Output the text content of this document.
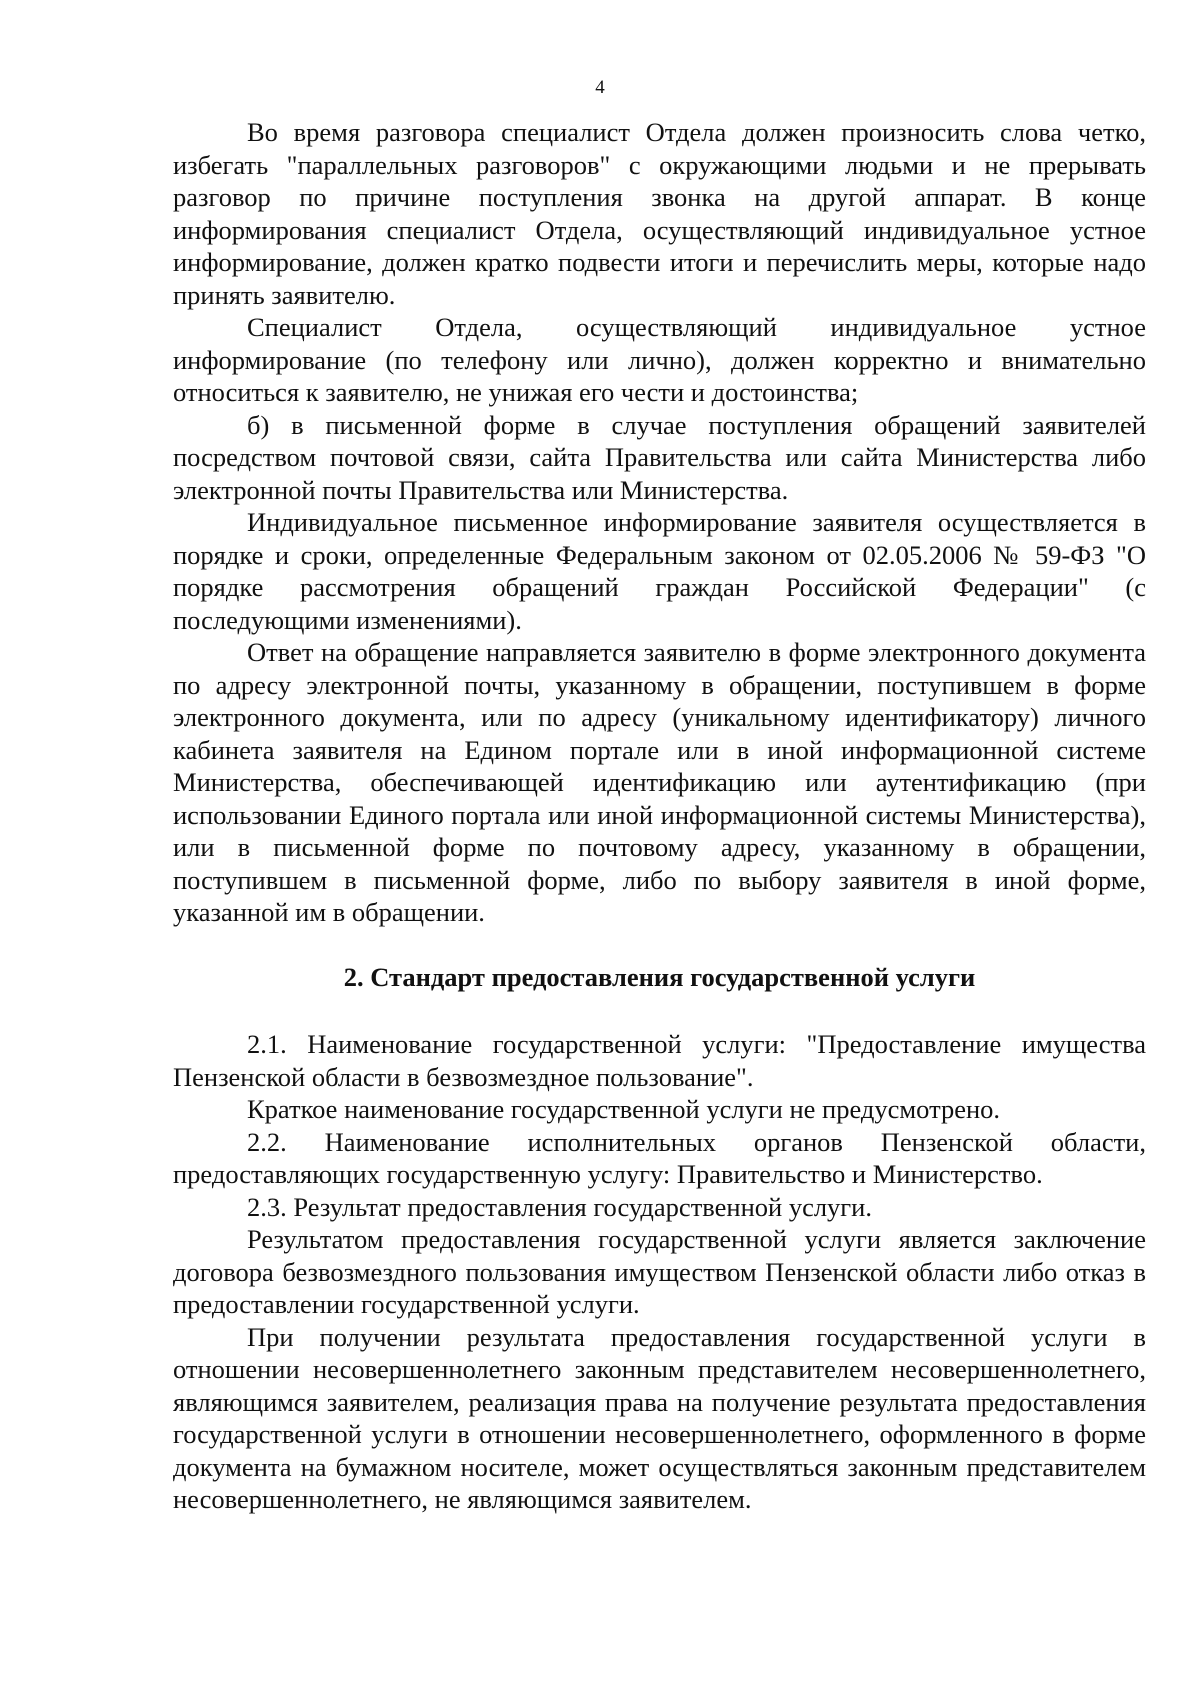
4

Во время разговора специалист Отдела должен произносить слова четко, избегать "параллельных разговоров" с окружающими людьми и не прерывать разговор по причине поступления звонка на другой аппарат. В конце информирования специалист Отдела, осуществляющий индивидуальное устное информирование, должен кратко подвести итоги и перечислить меры, которые надо принять заявителю.

Специалист Отдела, осуществляющий индивидуальное устное информирование (по телефону или лично), должен корректно и внимательно относиться к заявителю, не унижая его чести и достоинства;

б) в письменной форме в случае поступления обращений заявителей посредством почтовой связи, сайта Правительства или сайта Министерства либо электронной почты Правительства или Министерства.

Индивидуальное письменное информирование заявителя осуществляется в порядке и сроки, определенные Федеральным законом от 02.05.2006 № 59-ФЗ "О порядке рассмотрения обращений граждан Российской Федерации" (с последующими изменениями).

Ответ на обращение направляется заявителю в форме электронного документа по адресу электронной почты, указанному в обращении, поступившем в форме электронного документа, или по адресу (уникальному идентификатору) личного кабинета заявителя на Едином портале или в иной информационной системе Министерства, обеспечивающей идентификацию или аутентификацию (при использовании Единого портала или иной информационной системы Министерства), или в письменной форме по почтовому адресу, указанному в обращении, поступившем в письменной форме, либо по выбору заявителя в иной форме, указанной им в обращении.

2. Стандарт предоставления государственной услуги

2.1. Наименование государственной услуги: "Предоставление имущества Пензенской области в безвозмездное пользование".

Краткое наименование государственной услуги не предусмотрено.

2.2. Наименование исполнительных органов Пензенской области, предоставляющих государственную услугу: Правительство и Министерство.

2.3. Результат предоставления государственной услуги.

Результатом предоставления государственной услуги является заключение договора безвозмездного пользования имуществом Пензенской области либо отказ в предоставлении государственной услуги.

При получении результата предоставления государственной услуги в отношении несовершеннолетнего законным представителем несовершеннолетнего, являющимся заявителем, реализация права на получение результата предоставления государственной услуги в отношении несовершеннолетнего, оформленного в форме документа на бумажном носителе, может осуществляться законным представителем несовершеннолетнего, не являющимся заявителем.
